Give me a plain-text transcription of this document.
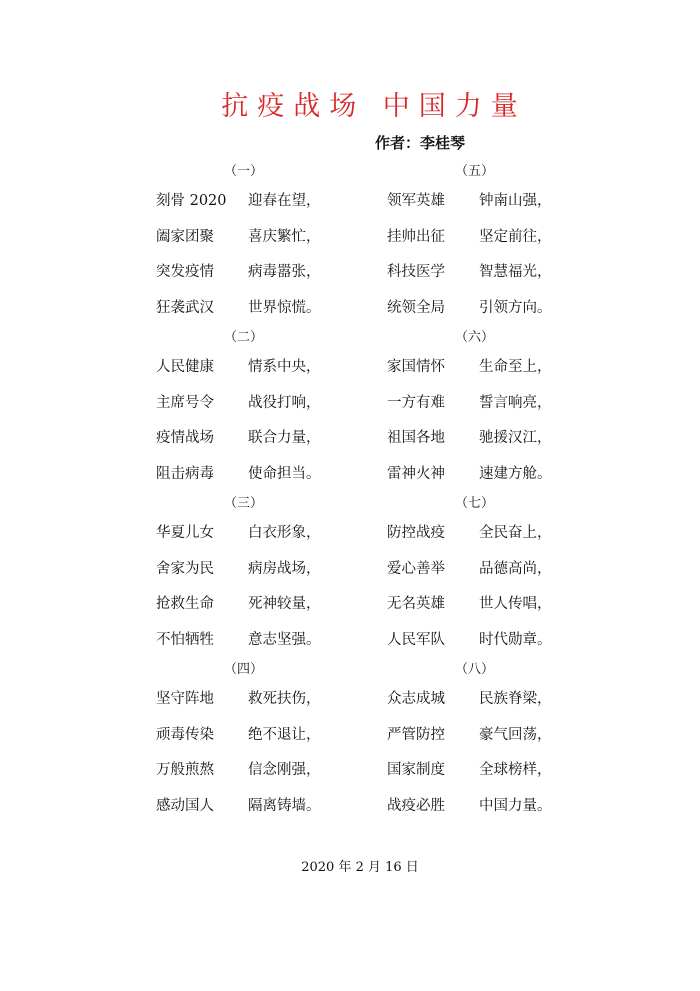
抗疫战场 中国力量
作者：李桂琴
（一）
刻骨 2020 迎春在望，
阖家团聚 喜庆繁忙，
突发疫情 病毒嚣张，
狂袭武汉 世界惊慌。
（二）
人民健康 情系中央，
主席号令 战役打响，
疫情战场 联合力量，
阻击病毒 使命担当。
（三）
华夏儿女 白衣形象，
舍家为民 病房战场，
抢救生命 死神较量，
不怕牺牲 意志坚强。
（四）
坚守阵地 救死扶伤，
顽毒传染 绝不退让，
万般煎熬 信念刚强，
感动国人 隔离铸墙。
（五）
领军英雄 钟南山强，
挂帅出征 坚定前往，
科技医学 智慧福光，
统领全局 引领方向。
（六）
家国情怀 生命至上，
一方有难 誓言响亮，
祖国各地 驰援汉江，
雷神火神 速建方舱。
（七）
防控战疫 全民奋上，
爱心善举 品德高尚，
无名英雄 世人传唱，
人民军队 时代勋章。
（八）
众志成城 民族脊梁，
严管防控 豪气回荡，
国家制度 全球榜样，
战疫必胜 中国力量。
2020 年 2 月 16 日
